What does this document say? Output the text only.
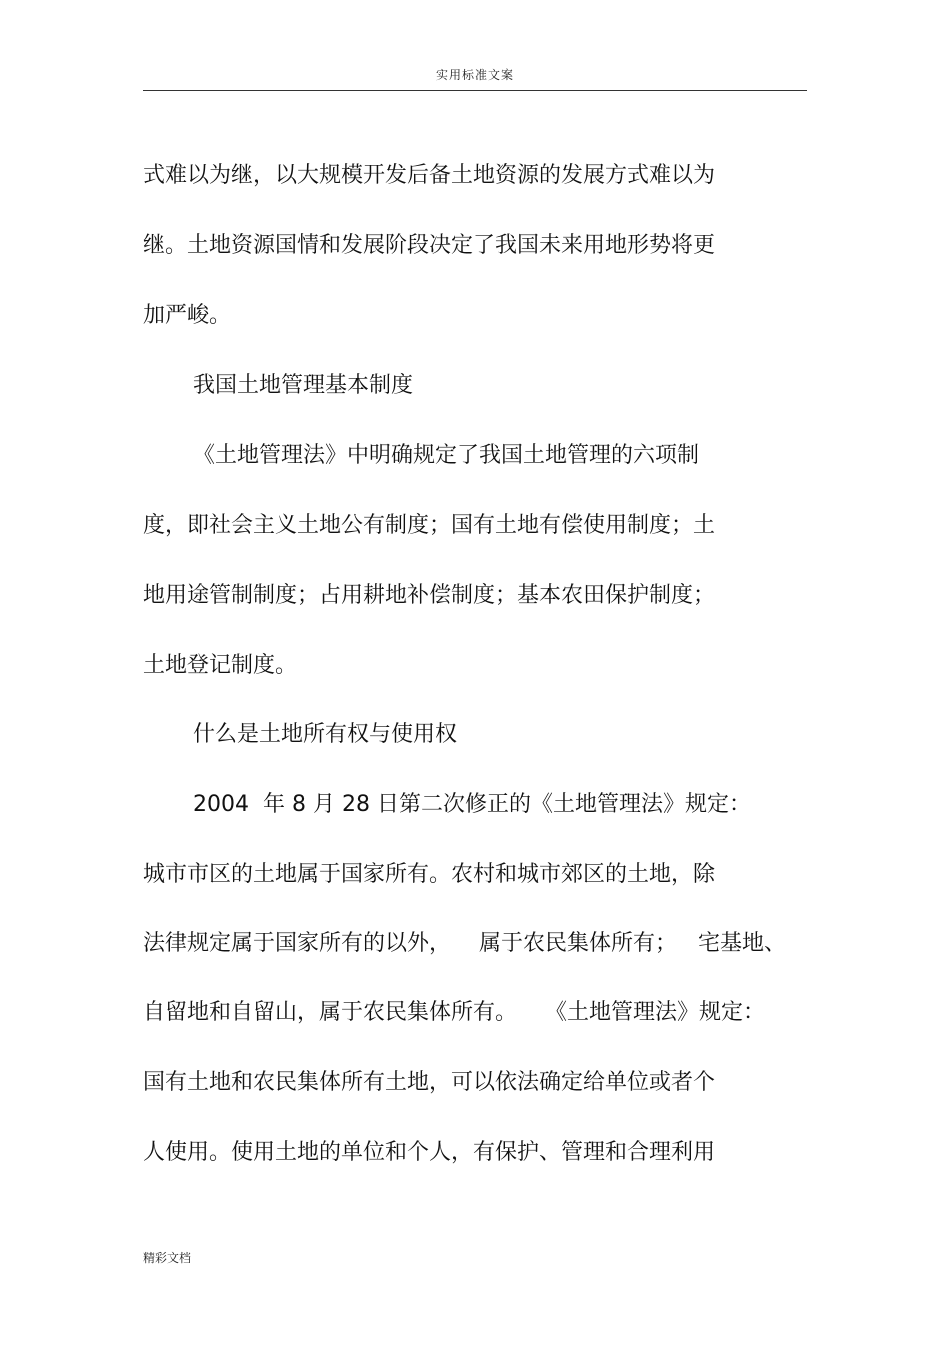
实用标准文案
式难以为继，以大规模开发后备土地资源的发展方式难以为
继。土地资源国情和发展阶段决定了我国未来用地形势将更
加严峻。
我国土地管理基本制度
《土地管理法》中明确规定了我国土地管理的六项制
度，即社会主义土地公有制度；国有土地有偿使用制度；土
地用途管制制度；占用耕地补偿制度；基本农田保护制度；
土地登记制度。
什么是土地所有权与使用权
2004  年 8 月 28 日第二次修正的《土地管理法》规定：
城市市区的土地属于国家所有。农村和城市郊区的土地，除
法律规定属于国家所有的以外，    属于农民集体所有；   宅基地、
自留地和自留山，属于农民集体所有。    《土地管理法》规定：
国有土地和农民集体所有土地，可以依法确定给单位或者个
人使用。使用土地的单位和个人，有保护、管理和合理利用
精彩文档
